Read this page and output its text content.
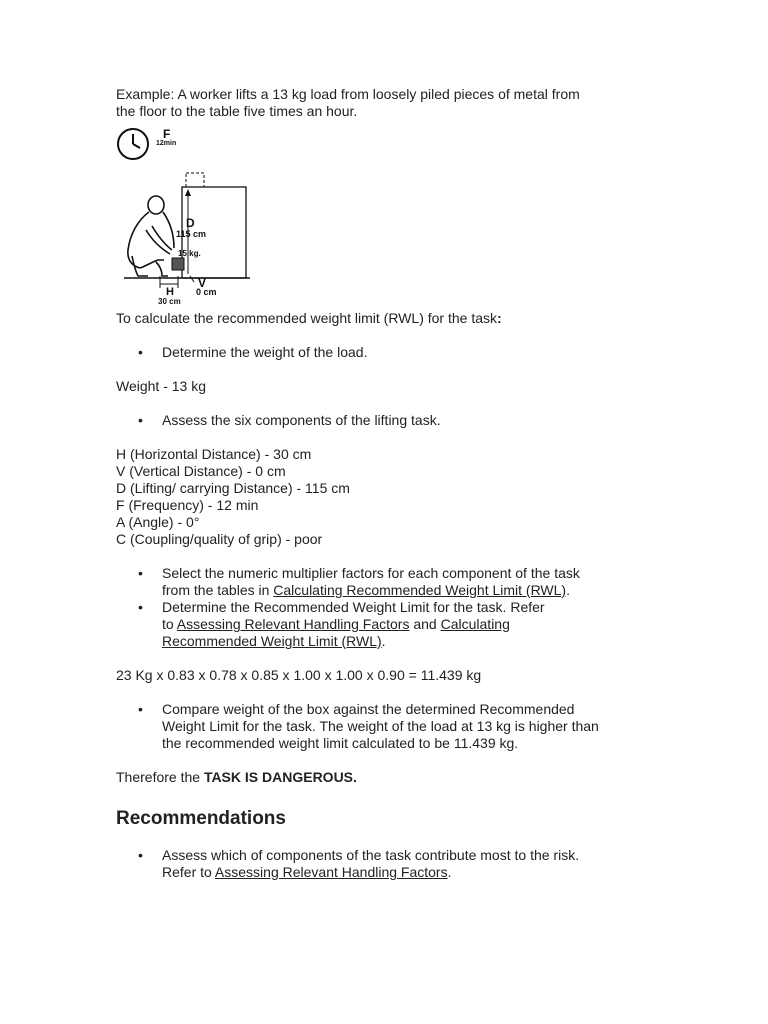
Example: A worker lifts a 13 kg load from loosely piled pieces of metal from
the floor to the table five times an hour.

F
12min
D
115 cm
15 kg.
V
0 cm
H
30 cm

To calculate the recommended weight limit (RWL) for the task:

• Determine the weight of the load.

Weight - 13 kg

• Assess the six components of the lifting task.

H (Horizontal Distance) - 30 cm

V (Vertical Distance) - 0 cm

D (Lifting/ carrying Distance) - 115 cm

F (Frequency) - 12 min

A (Angle) - 0°

C (Coupling/quality of grip) - poor

• Select the numeric multiplier factors for each component of the task
from the tables in Calculating Recommended Weight Limit (RWL).
• Determine the Recommended Weight Limit for the task. Refer
to Assessing Relevant Handling Factors and Calculating
Recommended Weight Limit (RWL).

23 Kg x 0.83 x 0.78 x 0.85 x 1.00 x 1.00 x 0.90 = 11.439 kg

• Compare weight of the box against the determined Recommended
Weight Limit for the task. The weight of the load at 13 kg is higher than
the recommended weight limit calculated to be 11.439 kg.

Therefore the TASK IS DANGEROUS.

Recommendations
• Assess which of components of the task contribute most to the risk.
Refer to Assessing Relevant Handling Factors.
